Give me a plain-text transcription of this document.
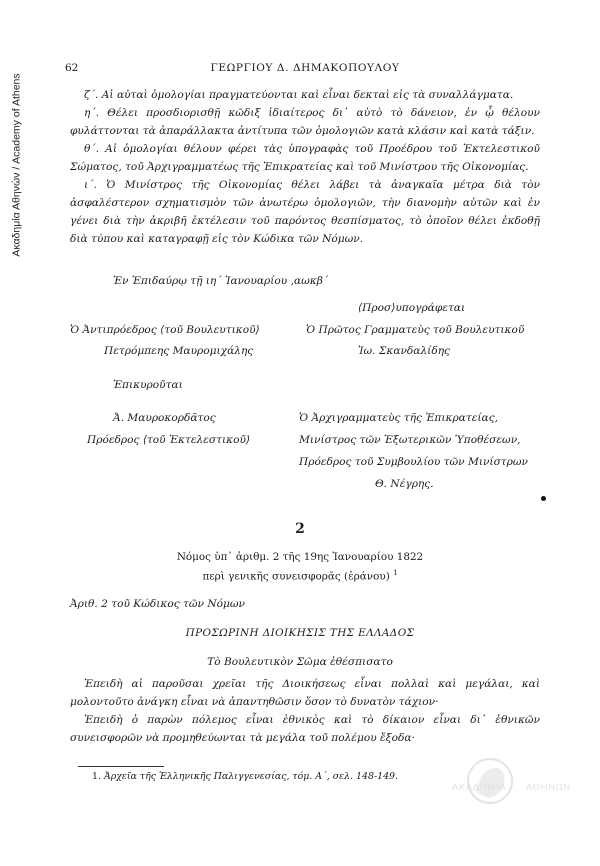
Ακαδημία Αθηνών / Academy of Athens
62	ΓΕΩΡΓΙΟΥ Δ. ΔΗΜΑΚΟΠΟΥΛΟΥ

ζ΄. Αἱ αὐταὶ ὁμολογίαι πραγματεύονται καὶ εἶναι δεκταὶ εἰς τὰ συναλλάγματα.

η΄. Θέλει προσδιορισθῇ κῶδιξ ἰδιαίτερος δι᾿ αὐτὸ τὸ δάνειον, ἐν ᾧ θέλουν φυλάττονται τὰ ἀπαράλλακτα ἀντίτυπα τῶν ὁμολογιῶν κατὰ κλάσιν καὶ κατὰ τάξιν.

θ΄. Αἱ ὁμολογίαι θέλουν φέρει τὰς ὑπογραφὰς τοῦ Προέδρου τοῦ Ἐκτελεστικοῦ Σώματος, τοῦ Ἀρχιγραμματέως τῆς Ἐπικρατείας καὶ τοῦ Μινίστρου τῆς Οἰκονομίας.

ι΄. Ὁ Μινίστρος τῆς Οἰκονομίας θέλει λάβει τὰ ἀναγκαῖα μέτρα διὰ τὸν ἀσφαλέστερον σχηματισμὸν τῶν ἀνωτέρω ὁμολογιῶν, τὴν διανομὴν αὐτῶν καὶ ἐν γένει διὰ τὴν ἀκριβῆ ἐκτέλεσιν τοῦ παρόντος θεσπίσματος, τὸ ὁποῖον θέλει ἐκδοθῇ διὰ τύπου καὶ καταγραφῇ εἰς τὸν Κώδικα τῶν Νόμων.

Ἐν Ἐπιδαύρῳ τῇ ιη΄ Ἰανουαρίου ,αωκβ΄
⟨Προσ⟩υπογράφεται
Ὁ Ἀντιπρόεδρος ⟨τοῦ Βουλευτικοῦ⟩	Ὁ Πρῶτος Γραμματεὺς τοῦ Βουλευτικοῦ
Πετρόμπεης Μαυρομιχάλης	Ἰω. Σκανδαλίδης
Ἐπικυροῦται
Ἀ. Μαυροκορδᾶτος	Ὁ Ἀρχιγραμματεὺς τῆς Ἐπικρατείας,
Πρόεδρος ⟨τοῦ Ἐκτελεστικοῦ⟩	Μινίστρος τῶν Ἐξωτερικῶν Ὑποθέσεων,
Πρόεδρος τοῦ Συμβουλίου τῶν Μινίστρων
Θ. Νέγρης.
2
Νόμος ὑπ᾿ ἀριθμ. 2 τῆς 19ης Ἰανουαρίου 1822
περὶ γενικῆς συνεισφορᾶς (ἐράνου) $^1$
Ἀριθ. 2 τοῦ Κώδικος τῶν Νόμων
ΠΡΟΣΩΡΙΝΗ ΔΙΟΙΚΗΣΙΣ ΤΗΣ ΕΛΛΑΔΟΣ
Τὸ Βουλευτικὸν Σῶμα ἐθέσπισατο

Ἐπειδὴ αἱ παροῦσαι χρεῖαι τῆς Διοικήσεως εἶναι πολλαὶ καὶ μεγάλαι, καὶ μολοντοῦτο ἀνάγκη εἶναι νὰ ἀπαντηθῶσιν ὅσον τὸ δυνατὸν τάχιον·

Ἐπειδὴ ὁ παρὼν πόλεμος εἶναι ἐθνικὸς καὶ τὸ δίκαιον εἶναι δι᾿ ἐθνικῶν συνεισφορῶν νὰ προμηθεύωνται τὰ μεγάλα τοῦ πολέμου ἔξοδα·

1. Ἀρχεῖα τῆς Ἑλληνικῆς Παλιγγενεσίας, τόμ. Α΄, σελ. 148-149.
ΑΚΑΔΗΜΙΑ ΑΘΗΝΩΝ
